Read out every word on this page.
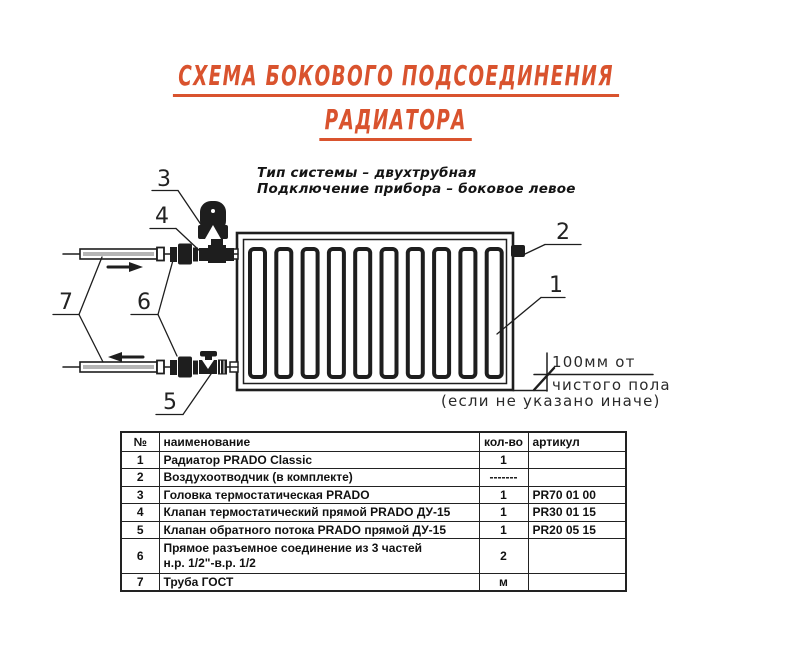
СХЕМА БОКОВОГО ПОДСОЕДИНЕНИЯ
РАДИАТОРА
Тип системы – двухтрубная
Подключение прибора – боковое левое
3
4
2
1
7	6
5
100мм от
чистого пола
(если не указано иначе)
№	наименование	кол-во	артикул
1	Радиатор PRADO Classic	1	
2	Воздухоотводчик (в комплекте)	-------	
3	Головка термостатическая PRADO	1	PR70 01 00
4	Клапан термостатический прямой PRADO ДУ-15	1	PR30 01 15
5	Клапан обратного потока PRADO прямой ДУ-15	1	PR20 05 15
6	Прямое разъемное соединение из 3 частей
н.р. 1/2"-в.р. 1/2	2	
7	Труба ГОСТ	м	
